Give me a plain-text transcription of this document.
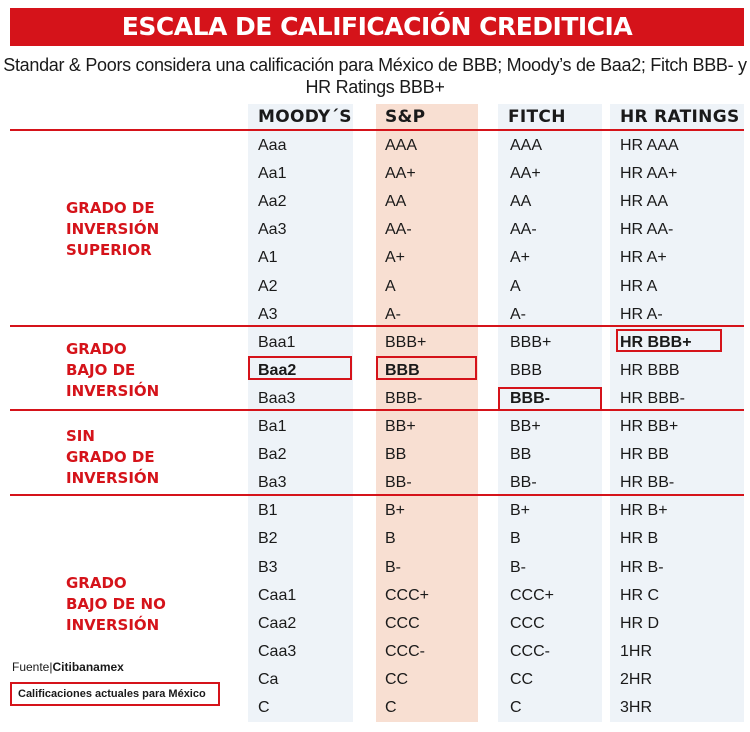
ESCALA DE CALIFICACIÓN CREDITICIA
Standar & Poors considera una calificación para México de BBB; Moody’s de Baa2; Fitch BBB- y
HR Ratings BBB+
MOODY´S S&P	FITCH	HR RATINGS
GRADO DE
INVERSIÓN
SUPERIOR
GRADO
BAJO DE
INVERSIÓN
SIN
GRADO DE
INVERSIÓN
GRADO
BAJO DE NO
INVERSIÓN
Aaa
Aa1
Aa2
Aa3
A1
A2
A3
Baa1
Baa2
Baa3
Ba1
Ba2
Ba3
B1
B2
B3
Caa1
Caa2
Caa3
Ca
C
AAA
AA+
AA
AA-
A+
A
A-
BBB+
BBB
BBB-
BB+
BB
BB-
B+
B
B-
CCC+
CCC
CCC-
CC
C
AAA
AA+
AA
AA-
A+
A
A-
BBB+
BBB
BBB-
BB+
BB
BB-
B+
B
B-
CCC+
CCC
CCC-
CC
C
HR AAA
HR AA+
HR AA
HR AA-
HR A+
HR A
HR A-
HR BBB+
HR BBB
HR BBB-
HR BB+
HR BB
HR BB-
HR B+
HR B
HR B-
HR C
HR D
1HR
2HR
3HR
Fuente|Citibanamex
Calificaciones actuales para México
